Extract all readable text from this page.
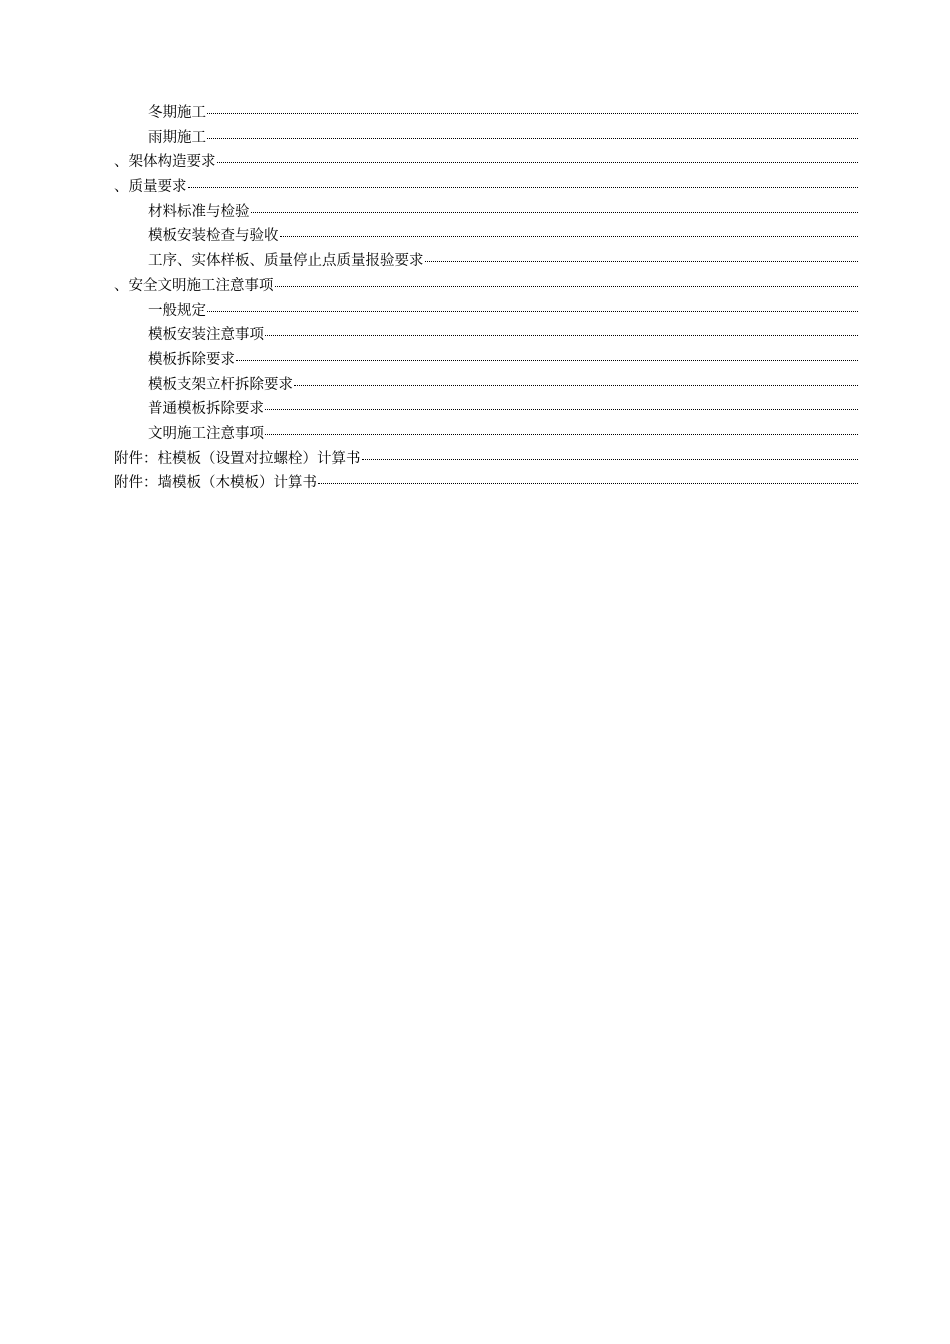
冬期施工
雨期施工
、架体构造要求
、质量要求
材料标准与检验
模板安装检查与验收
工序、实体样板、质量停止点质量报验要求
、安全文明施工注意事项
一般规定
模板安装注意事项
模板拆除要求
模板支架立杆拆除要求
普通模板拆除要求
文明施工注意事项
附件：柱模板（设置对拉螺栓）计算书
附件：墙模板（木模板）计算书
